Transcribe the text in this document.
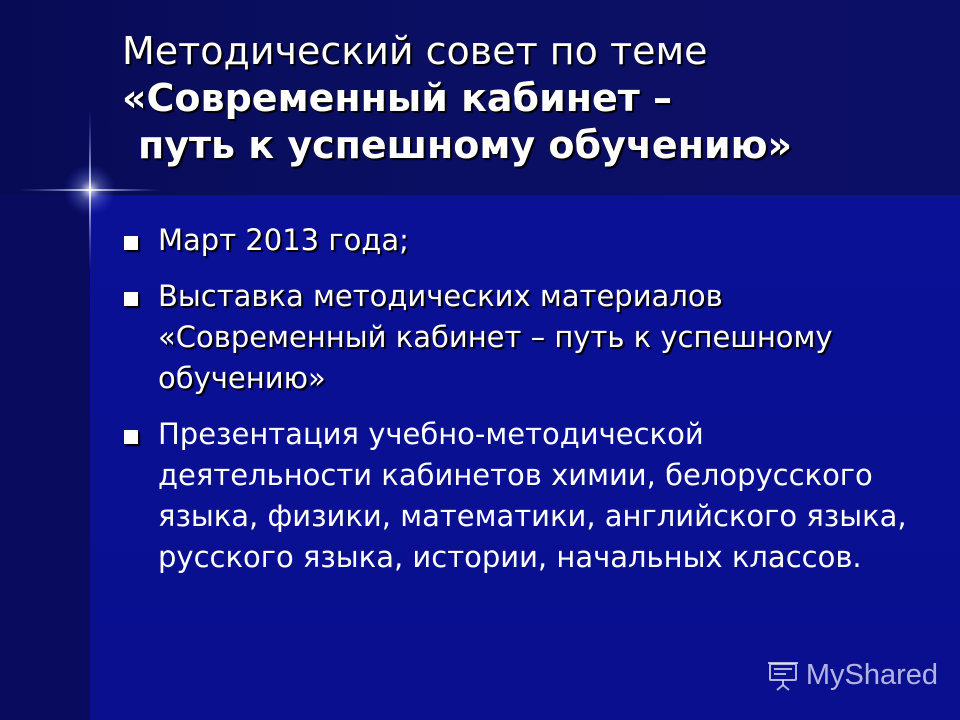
Методический совет по теме
«Современный кабинет –
путь к успешному обучению»
Март 2013 года;
Выставка методических материалов «Современный кабинет – путь к успешному обучению»
Презентация учебно-методической деятельности кабинетов химии, белорусского языка, физики, математики, английского языка, русского языка, истории, начальных классов.
MyShared
